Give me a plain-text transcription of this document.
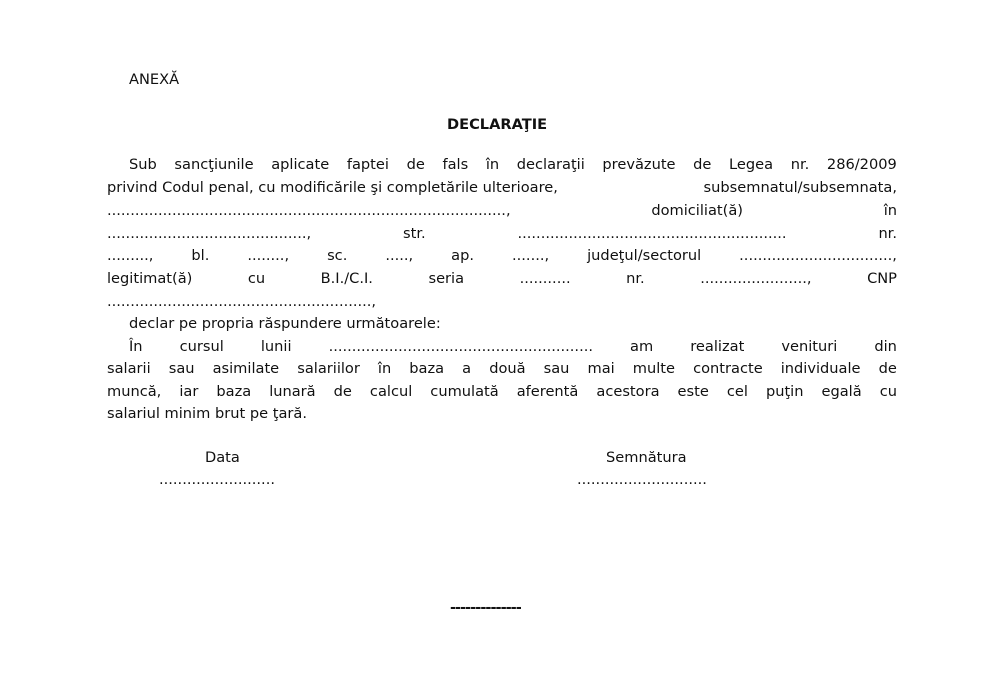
ANEXĂ
DECLARAŢIE
Sub sancţiunile aplicate faptei de fals în declaraţii prevăzute de Legea nr. 286/2009
privind Codul penal, cu modificările şi completările ulterioare,	subsemnatul/subsemnata,
......................................................................................,	domiciliat(ă)	în
...........................................,	str.	..........................................................	nr.
.........,	bl.	........,	sc.	.....,	ap.	.......,	judeţul/sectorul	.................................,
legitimat(ă)	cu	B.I./C.I.	seria	...........	nr.	.......................,	CNP
.........................................................,
declar pe propria răspundere următoarele:
În	cursul	lunii	.........................................................	am	realizat	venituri	din
salarii sau asimilate salariilor în baza a două sau mai multe contracte individuale de
muncă, iar baza lunară de calcul cumulată aferentă acestora este cel puţin egală cu
salariul minim brut pe ţară.
Data
.........................
Semnătura
............................
--------------
